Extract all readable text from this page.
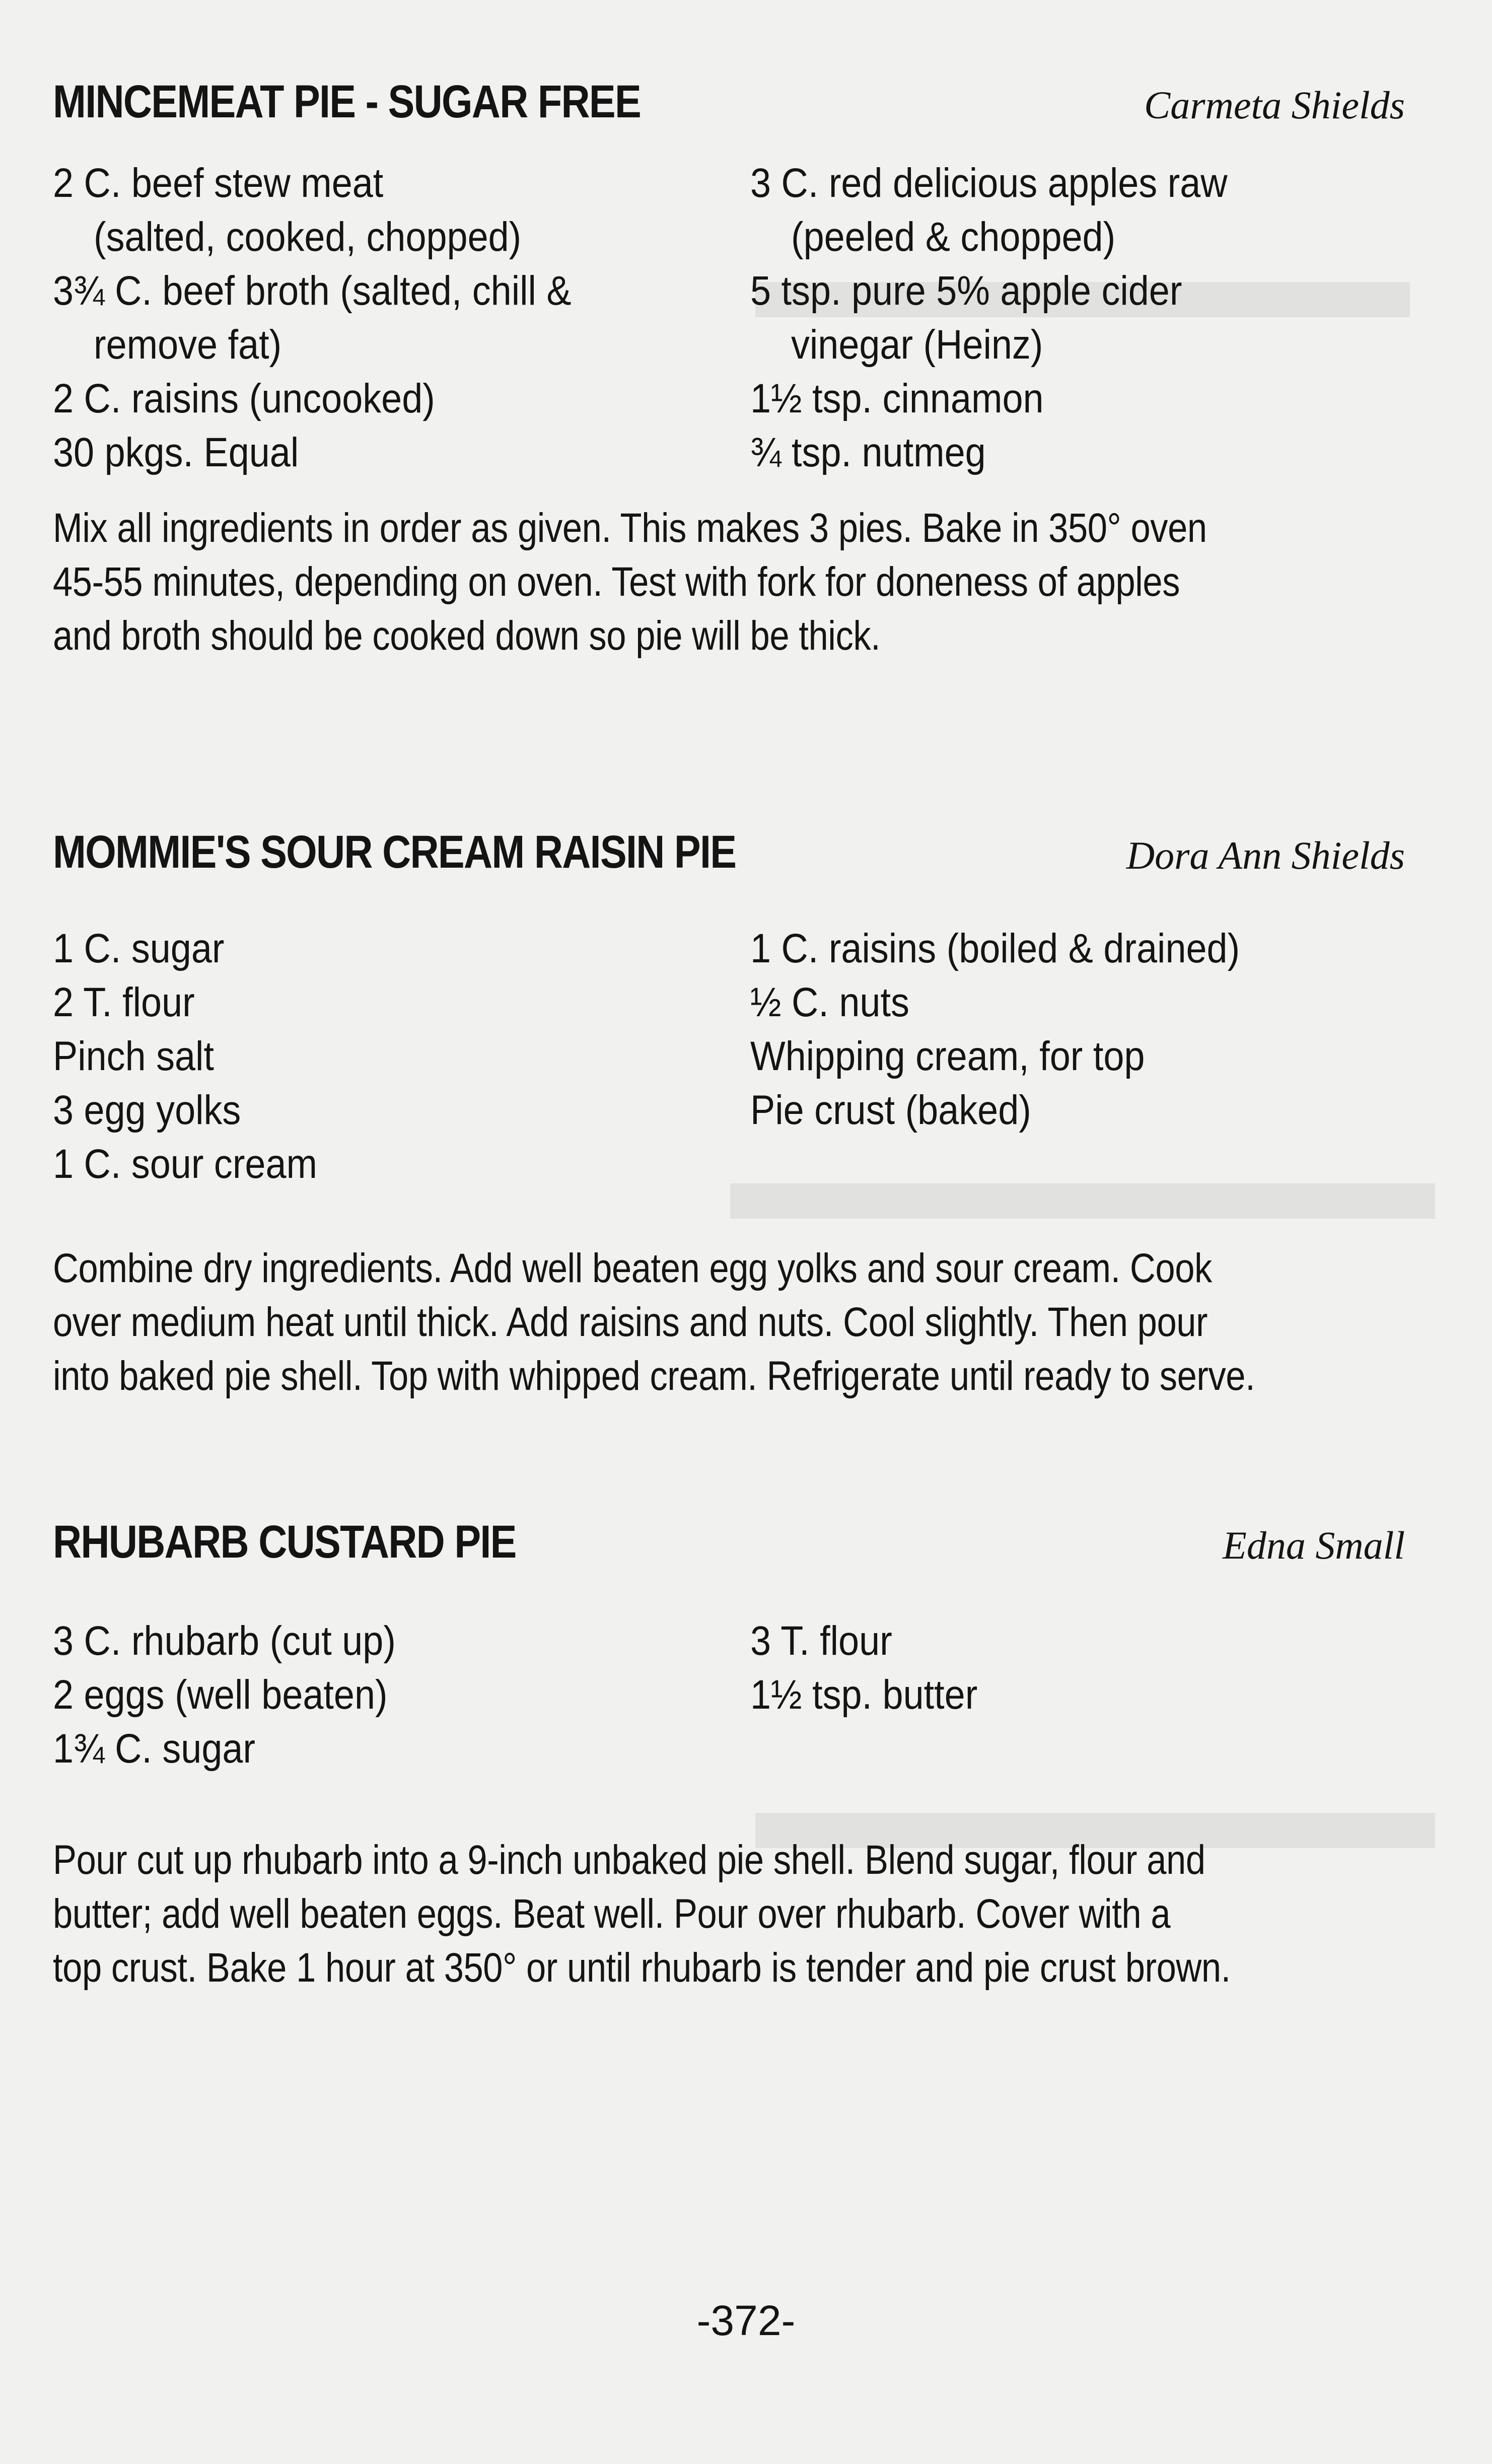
MINCEMEAT PIE - SUGAR FREE	Carmeta Shields
2 C. beef stew meat
(salted, cooked, chopped)
3¾ C. beef broth (salted, chill &
remove fat)
2 C. raisins (uncooked)
30 pkgs. Equal
3 C. red delicious apples raw
(peeled & chopped)
5 tsp. pure 5% apple cider
vinegar (Heinz)
1½ tsp. cinnamon
¾ tsp. nutmeg
Mix all ingredients in order as given. This makes 3 pies. Bake in 350° oven
45-55 minutes, depending on oven. Test with fork for doneness of apples
and broth should be cooked down so pie will be thick.
MOMMIE'S SOUR CREAM RAISIN PIE	Dora Ann Shields
1 C. sugar
2 T. flour
Pinch salt
3 egg yolks
1 C. sour cream
1 C. raisins (boiled & drained)
½ C. nuts
Whipping cream, for top
Pie crust (baked)
Combine dry ingredients. Add well beaten egg yolks and sour cream. Cook
over medium heat until thick. Add raisins and nuts. Cool slightly. Then pour
into baked pie shell. Top with whipped cream. Refrigerate until ready to serve.
RHUBARB CUSTARD PIE	Edna Small
3 C. rhubarb (cut up)
2 eggs (well beaten)
1¾ C. sugar
3 T. flour
1½ tsp. butter
Pour cut up rhubarb into a 9-inch unbaked pie shell. Blend sugar, flour and
butter; add well beaten eggs. Beat well. Pour over rhubarb. Cover with a
top crust. Bake 1 hour at 350° or until rhubarb is tender and pie crust brown.
-372-
